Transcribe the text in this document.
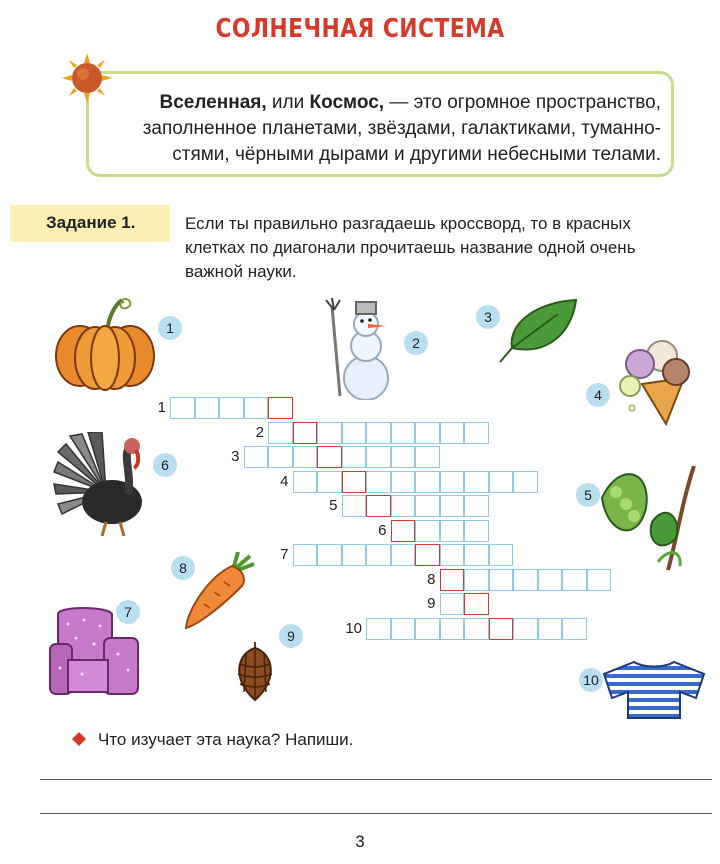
СОЛНЕЧНАЯ СИСТЕМА
Вселенная, или Космос, — это огромное пространство,
заполненное планетами, звёздами, галактиками, туманно-
стями, чёрными дырами и другими небесными телами.
Задание 1.	Если ты правильно разгадаешь кроссворд, то в красных
клетках по диагонали прочитаешь название одной очень
важной науки.
1
2
3
4
6
5
8
7
9
10
1
2
3
4
5
6
7
8
9
10
Что изучает эта наука? Напиши.
3
